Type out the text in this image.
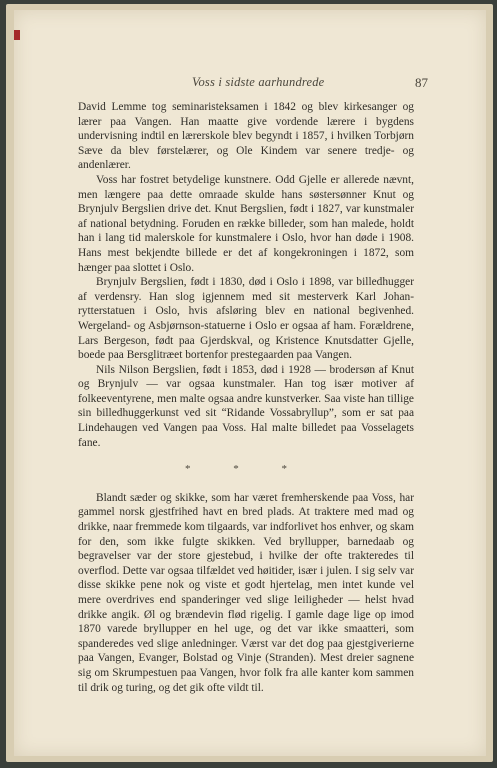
Voss i sidste aarhundrede	87

David Lemme tog seminaristeksamen i 1842 og blev kirkesanger og lærer paa Vangen. Han maatte give vordende lærere i bygdens undervisning indtil en lærerskole blev begyndt i 1857, i hvilken Torbjørn Sæve da blev førstelærer, og Ole Kindem var senere tredje- og andenlærer.

Voss har fostret betydelige kunstnere. Odd Gjelle er allerede nævnt, men længere paa dette omraade skulde hans søstersønner Knut og Brynjulv Bergslien drive det. Knut Bergslien, født i 1827, var kunstmaler af national betydning. Foruden en række billeder, som han malede, holdt han i lang tid malerskole for kunstmalere i Oslo, hvor han døde i 1908. Hans mest bekjendte billede er det af kongekroningen i 1872, som hænger paa slottet i Oslo.

Brynjulv Bergslien, født i 1830, død i Oslo i 1898, var billedhugger af verdensry. Han slog igjennem med sit mesterverk Karl Johan-rytterstatuen i Oslo, hvis afsløring blev en national begivenhed. Wergeland- og Asbjørnson-statuerne i Oslo er ogsaa af ham. Forældrene, Lars Bergeson, født paa Gjerdskval, og Kristence Knutsdatter Gjelle, boede paa Bersglitræet bortenfor prestegaarden paa Vangen.

Nils Nilson Bergslien, født i 1853, død i 1928 — brodersøn af Knut og Brynjulv — var ogsaa kunstmaler. Han tog især motiver af folkeeventyrene, men malte ogsaa andre kunstverker. Saa viste han tillige sin billedhuggerkunst ved sit “Ridande Vossabryllup”, som er sat paa Lindehaugen ved Vangen paa Voss. Hal malte billedet paa Vosselagets fane.

* * *

Blandt sæder og skikke, som har været fremherskende paa Voss, har gammel norsk gjestfrihed havt en bred plads. At traktere med mad og drikke, naar fremmede kom tilgaards, var indforlivet hos enhver, og skam for den, som ikke fulgte skikken. Ved bryllupper, barnedaab og begravelser var der store gjestebud, i hvilke der ofte trakteredes til overflod. Dette var ogsaa tilfældet ved høitider, især i julen. I sig selv var disse skikke pene nok og viste et godt hjertelag, men intet kunde vel mere overdrives end spanderinger ved slige leiligheder — helst hvad drikke angik. Øl og brændevin flød rigelig. I gamle dage lige op imod 1870 varede bryllupper en hel uge, og det var ikke smaatteri, som spanderedes ved slige anledninger. Værst var det dog paa gjestgiverierne paa Vangen, Evanger, Bolstad og Vinje (Stranden). Mest dreier sagnene sig om Skrumpestuen paa Vangen, hvor folk fra alle kanter kom sammen til drik og turing, og det gik ofte vildt til.
